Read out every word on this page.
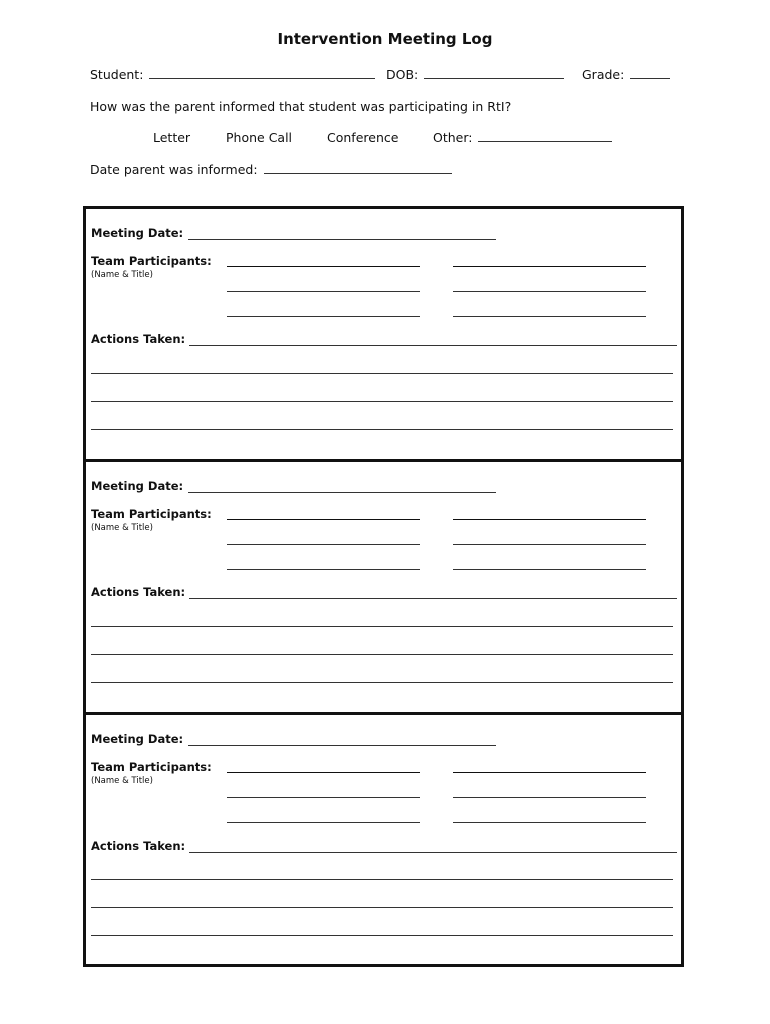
Intervention Meeting Log
Student:	DOB:	Grade:
How was the parent informed that student was participating in RtI?
Letter	Phone Call	Conference	Other:
Date parent was informed:
Meeting Date:
Team Participants:
(Name & Title)
Actions Taken:
Meeting Date:
Team Participants:
(Name & Title)
Actions Taken:
Meeting Date:
Team Participants:
(Name & Title)
Actions Taken:
